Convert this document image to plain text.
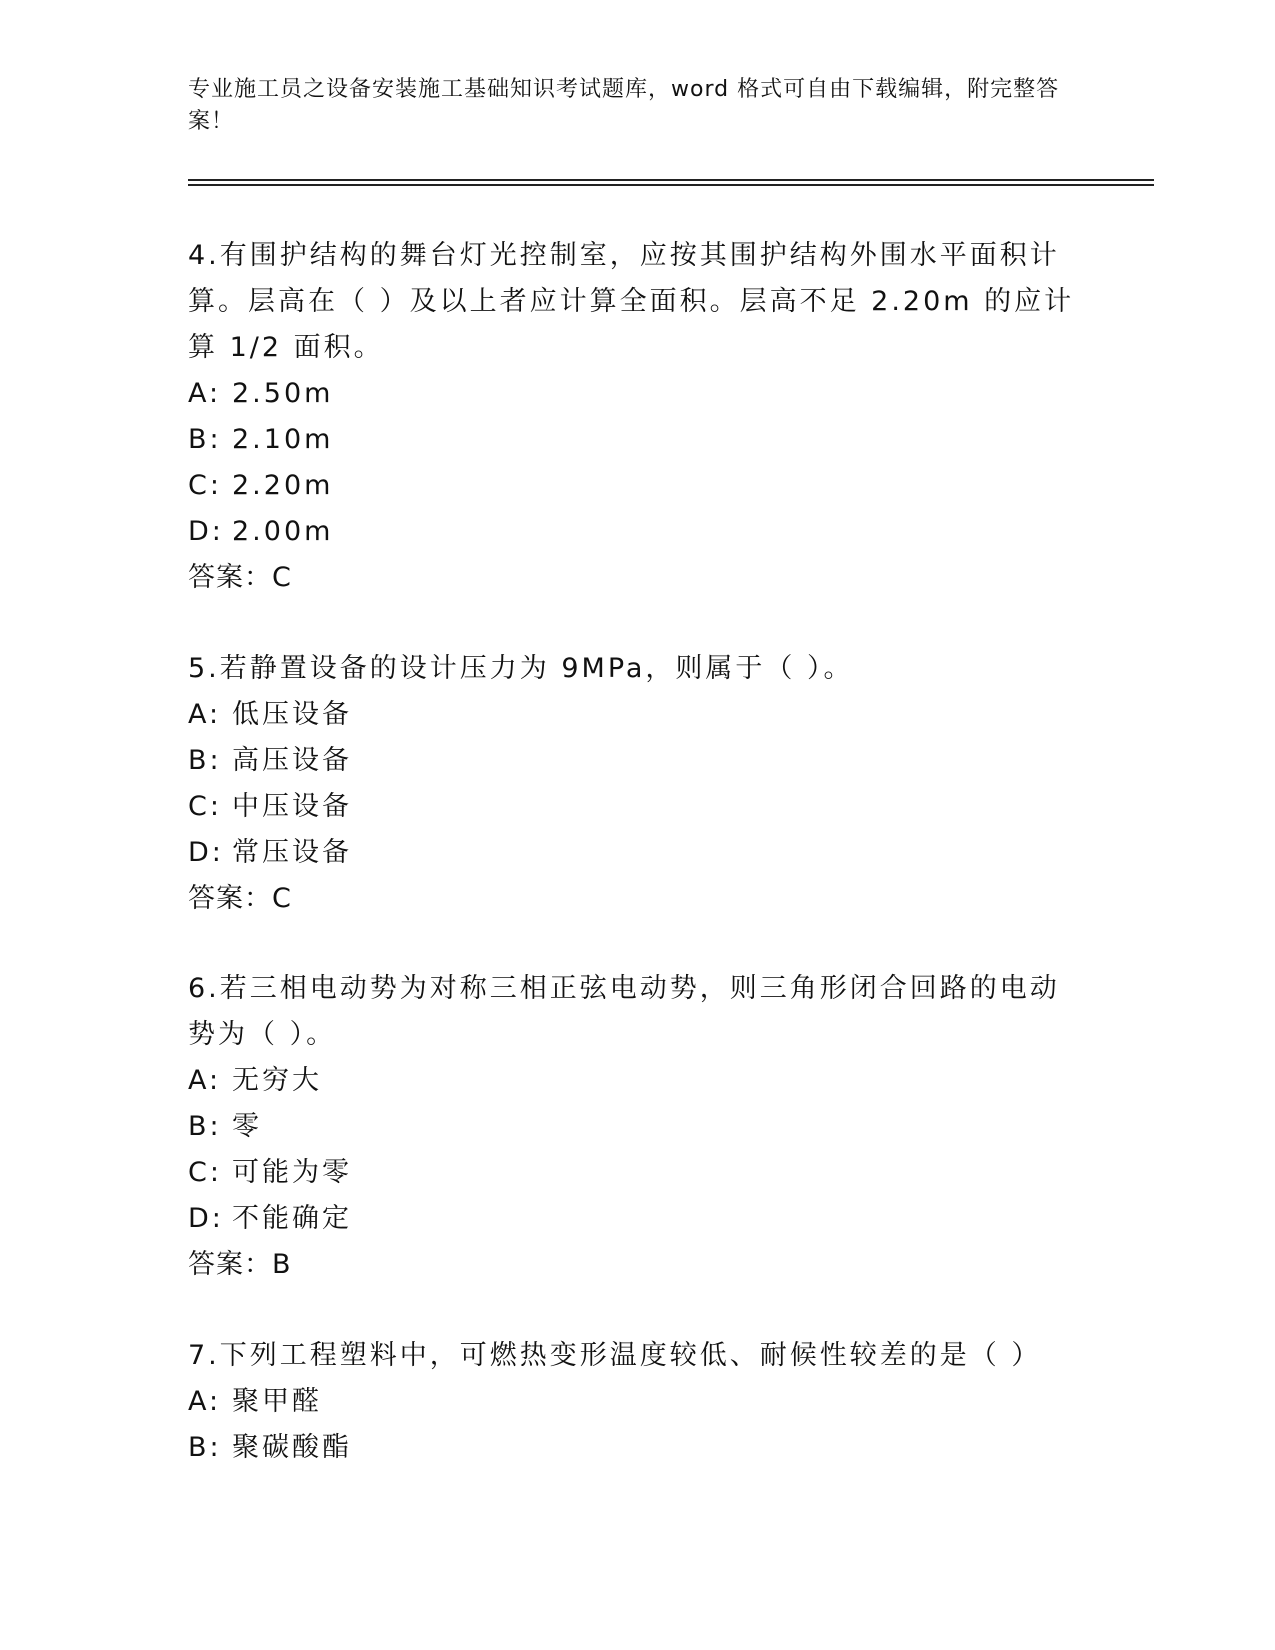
专业施工员之设备安装施工基础知识考试题库，word 格式可自由下载编辑，附完整答案！
4.有围护结构的舞台灯光控制室，应按其围护结构外围水平面积计算。层高在（ ）及以上者应计算全面积。层高不足 2.20m 的应计算 1/2 面积。
A: 2.50m
B: 2.10m
C: 2.20m
D: 2.00m
答案：C
5.若静置设备的设计压力为 9MPa，则属于（ ）。
A: 低压设备
B: 高压设备
C: 中压设备
D: 常压设备
答案：C
6.若三相电动势为对称三相正弦电动势，则三角形闭合回路的电动势为（ ）。
A: 无穷大
B: 零
C: 可能为零
D: 不能确定
答案：B
7.下列工程塑料中，可燃热变形温度较低、耐候性较差的是（ ）
A: 聚甲醛
B: 聚碳酸酯
